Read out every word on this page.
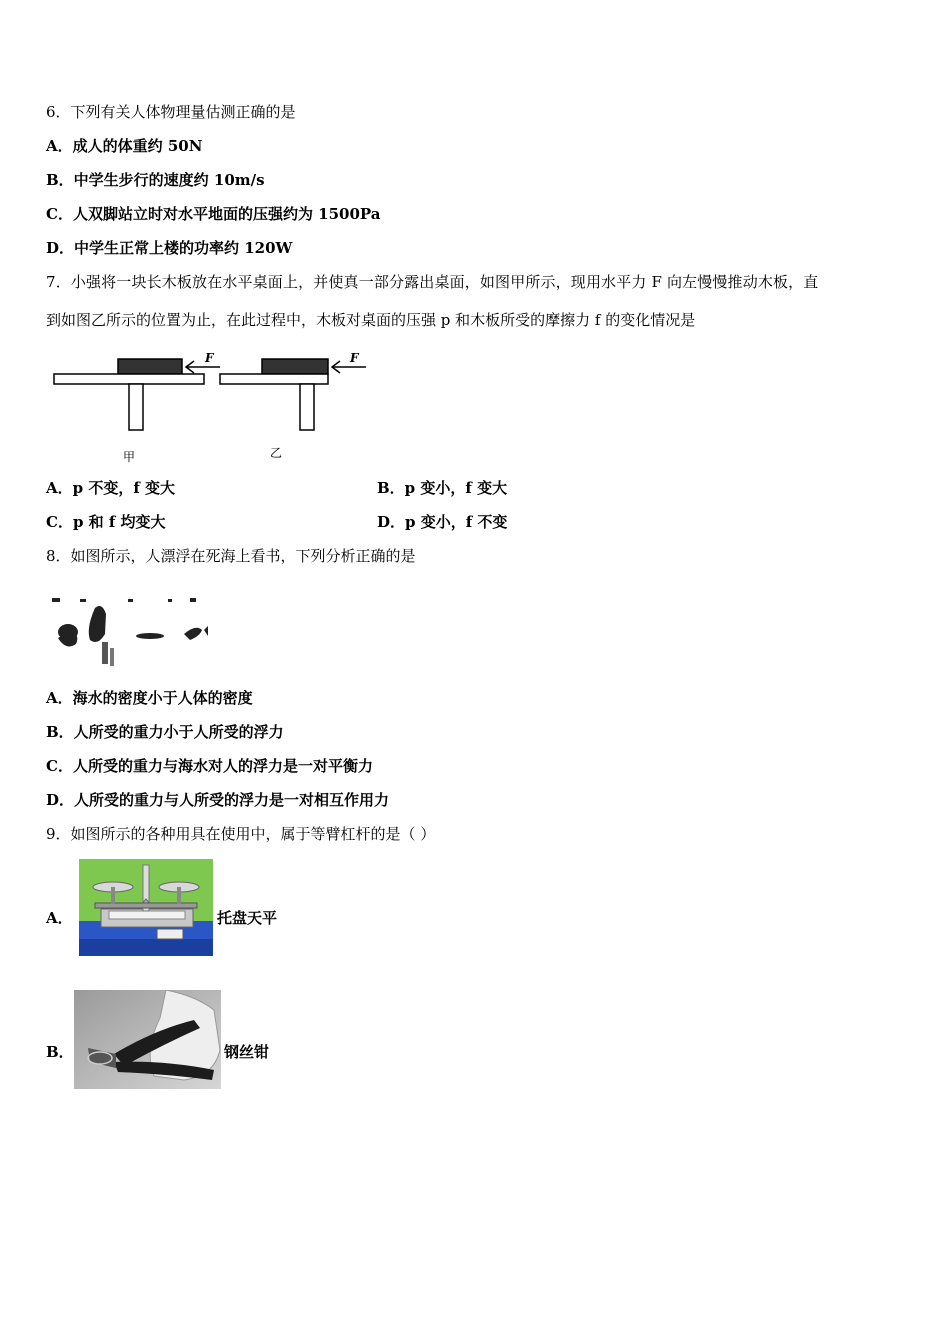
6．下列有关人体物理量估测正确的是
A．成人的体重约 50N
B．中学生步行的速度约 10m/s
C．人双脚站立时对水平地面的压强约为 1500Pa
D．中学生正常上楼的功率约 120W
7．小强将一块长木板放在水平桌面上，并使真一部分露出桌面，如图甲所示，现用水平力 F 向左慢慢推动木板，直
到如图乙所示的位置为止，在此过程中，木板对桌面的压强 p 和木板所受的摩擦力 f 的变化情况是
F	F
甲	乙
A．p 不变，f 变大	B．p 变小，f 变大
C．p 和 f 均变大	D．p 变小，f 不变
8．如图所示，人漂浮在死海上看书，下列分析正确的是
A．海水的密度小于人体的密度
B．人所受的重力小于人所受的浮力
C．人所受的重力与海水对人的浮力是一对平衡力
D．人所受的重力与人所受的浮力是一对相互作用力
9．如图所示的各种用具在使用中，属于等臂杠杆的是（ ）
A．	托盘天平
B．	钢丝钳
